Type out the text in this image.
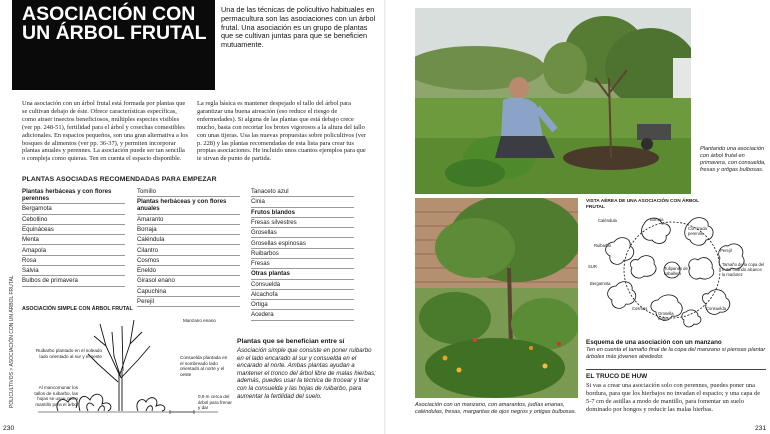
ASOCIACIÓN CON UN ÁRBOL FRUTAL

Una de las técnicas de policultivo habituales en permacultura son las asociaciones con un árbol frutal. Una asociación es un grupo de plantas que se cultivan juntas para que se beneficien mutuamente.

Una asociación con un árbol frutal está formada por plantas que se cultivan debajo de éste. Ofrece características específicas, como atraer insectos beneficiosos, múltiples especies visibles (ver pp. 248-51), fertilidad para el árbol y cosechas comestibles adicionales. En espacios pequeños, son una gran alternativa a los bosques de alimentos (ver pp. 36-37), y permiten incorporar plantas anuales y perennes. La asociación puede ser tan sencilla o compleja como quieras. Ten en cuenta el espacio disponible.

La regla básica es mantener despejado el tallo del árbol para garantizar una buena aireación (eso reduce el riesgo de enfermedades). Si alguna de las plantas que está debajo crece mucho, basta con recortar los brotes vigorosos a la altura del tallo con unas tijeras. Usa las nuevas propuestas sobre policultivos (ver p. 228) y las plantas recomendadas de esta lista para crear tus propias asociaciones. He incluido unos cuantos ejemplos para que te sirvan de punto de partida.

PLANTAS ASOCIADAS RECOMENDADAS PARA EMPEZAR

Plantas herbáceas y con flores perennes
Bergamota
Cebollino
Equináceas
Menta
Amapola
Rosa
Salvia
Bulbos de primavera
Tomillo
Plantas herbáceas y con flores anuales
Amaranto
Borraja
Caléndula
Cilantro
Cosmos
Eneldo
Girasol enano
Capuchina
Perejil
Tanaceto azul
Cinia
Frutos blandos
Fresas silvestres
Grosellas
Grosellas espinosas
Ruibarbos
Fresas
Otras plantas
Consuelda
Alcachofa
Ortiga
Acedera

ASOCIACIÓN SIMPLE CON ÁRBOL FRUTAL

Manzano enano
Ruibarbo plantado en el soleado lado orientado al sur y el oeste	Consuelda plantada en el sombreado lado orientado al norte y el oeste
Al mancomunar los tallos de ruibarbo, las hojas se usan como mantillo para el árbol
0,9 m cerca del árbol para frenar y dar

Plantas que se benefician entre sí

Asociación simple que consiste en poner ruibarbo en el lado encarado al sur y consuelda en el encarado al norte. Ambas plantas ayudan a mantener el tronco del árbol libre de malas hierbas; además, puedes usar la técnica de trocear y tirar con la consuelda y las hojas de ruibarbo, para aumentar la fertilidad del suelo.

POLICULTIVOS > ASOCIACIÓN CON UN ÁRBOL FRUTAL
230

Plantando una asociación con árbol frutal en primavera, con consuelda, fresas y ortigas bulbosas.

Asociación con un manzano, con amarantos, judías enanas, caléndulas, fresas, margaritas de ojos negros y ortigas bulbosas.

VISTA AÉREA DE UNA ASOCIACIÓN CON ÁRBOL FRUTAL

Caléndula	Borraja
Col rizada perenne
Ruibarbo
Perejil
SUR	Tulipanes de caballero
Tamaño de la copa del frutal cuando alcance la madurez
Bergamota
Cosmos
Grosella negra
Consuelda

Esquema de una asociación con un manzano

Ten en cuenta el tamaño final de la copa del manzano si piensas plantar árboles más jóvenes alrededor.

EL TRUCO DE HUW

Si vas a crear una asociación solo con perennes, puedes poner una bordura, para que los hierbajos no invadan el espacio; y una capa de 5-7 cm de astillas a modo de mantillo, para fomentar un suelo dominado por hongos y reducir las malas hierbas.

231
